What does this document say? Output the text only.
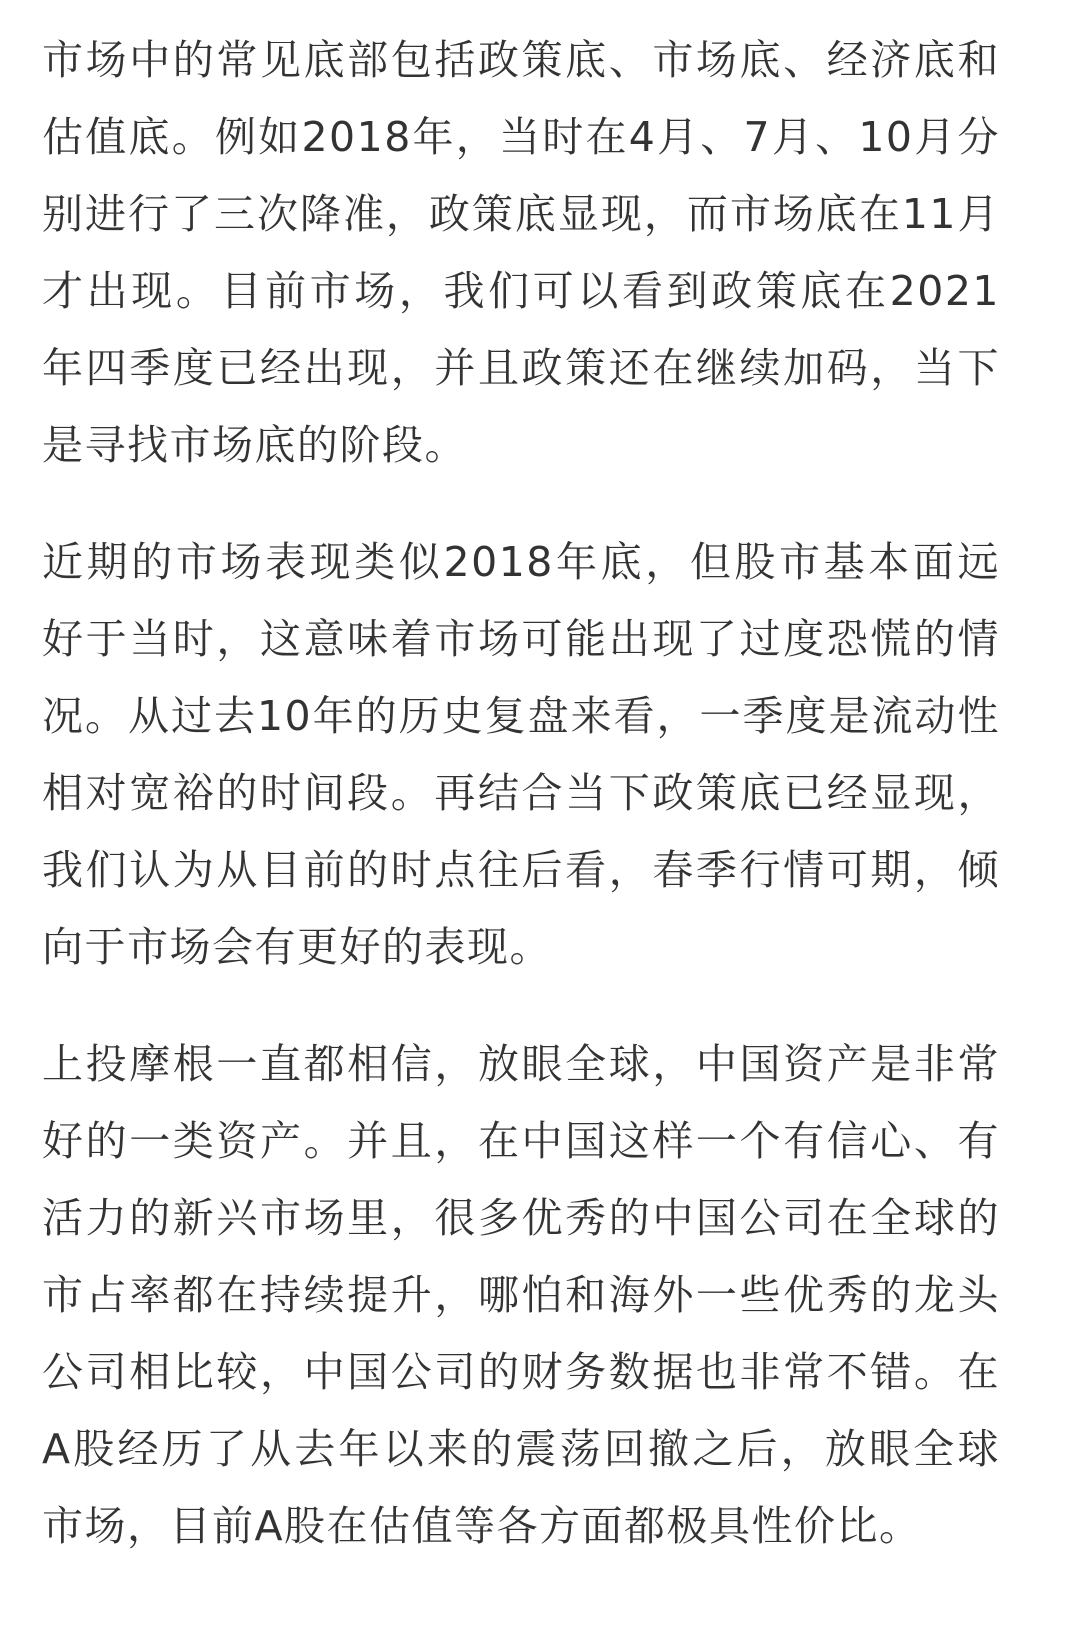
市场中的常见底部包括政策底、市场底、经济底和估值底。例如2018年，当时在4月、7月、10月分别进行了三次降准，政策底显现，而市场底在11月才出现。目前市场，我们可以看到政策底在2021年四季度已经出现，并且政策还在继续加码，当下是寻找市场底的阶段。

近期的市场表现类似2018年底，但股市基本面远好于当时，这意味着市场可能出现了过度恐慌的情况。从过去10年的历史复盘来看，一季度是流动性相对宽裕的时间段。再结合当下政策底已经显现，我们认为从目前的时点往后看，春季行情可期，倾向于市场会有更好的表现。

上投摩根一直都相信，放眼全球，中国资产是非常好的一类资产。并且，在中国这样一个有信心、有活力的新兴市场里，很多优秀的中国公司在全球的市占率都在持续提升，哪怕和海外一些优秀的龙头公司相比较，中国公司的财务数据也非常不错。在A股经历了从去年以来的震荡回撤之后，放眼全球市场，目前A股在估值等各方面都极具性价比。
